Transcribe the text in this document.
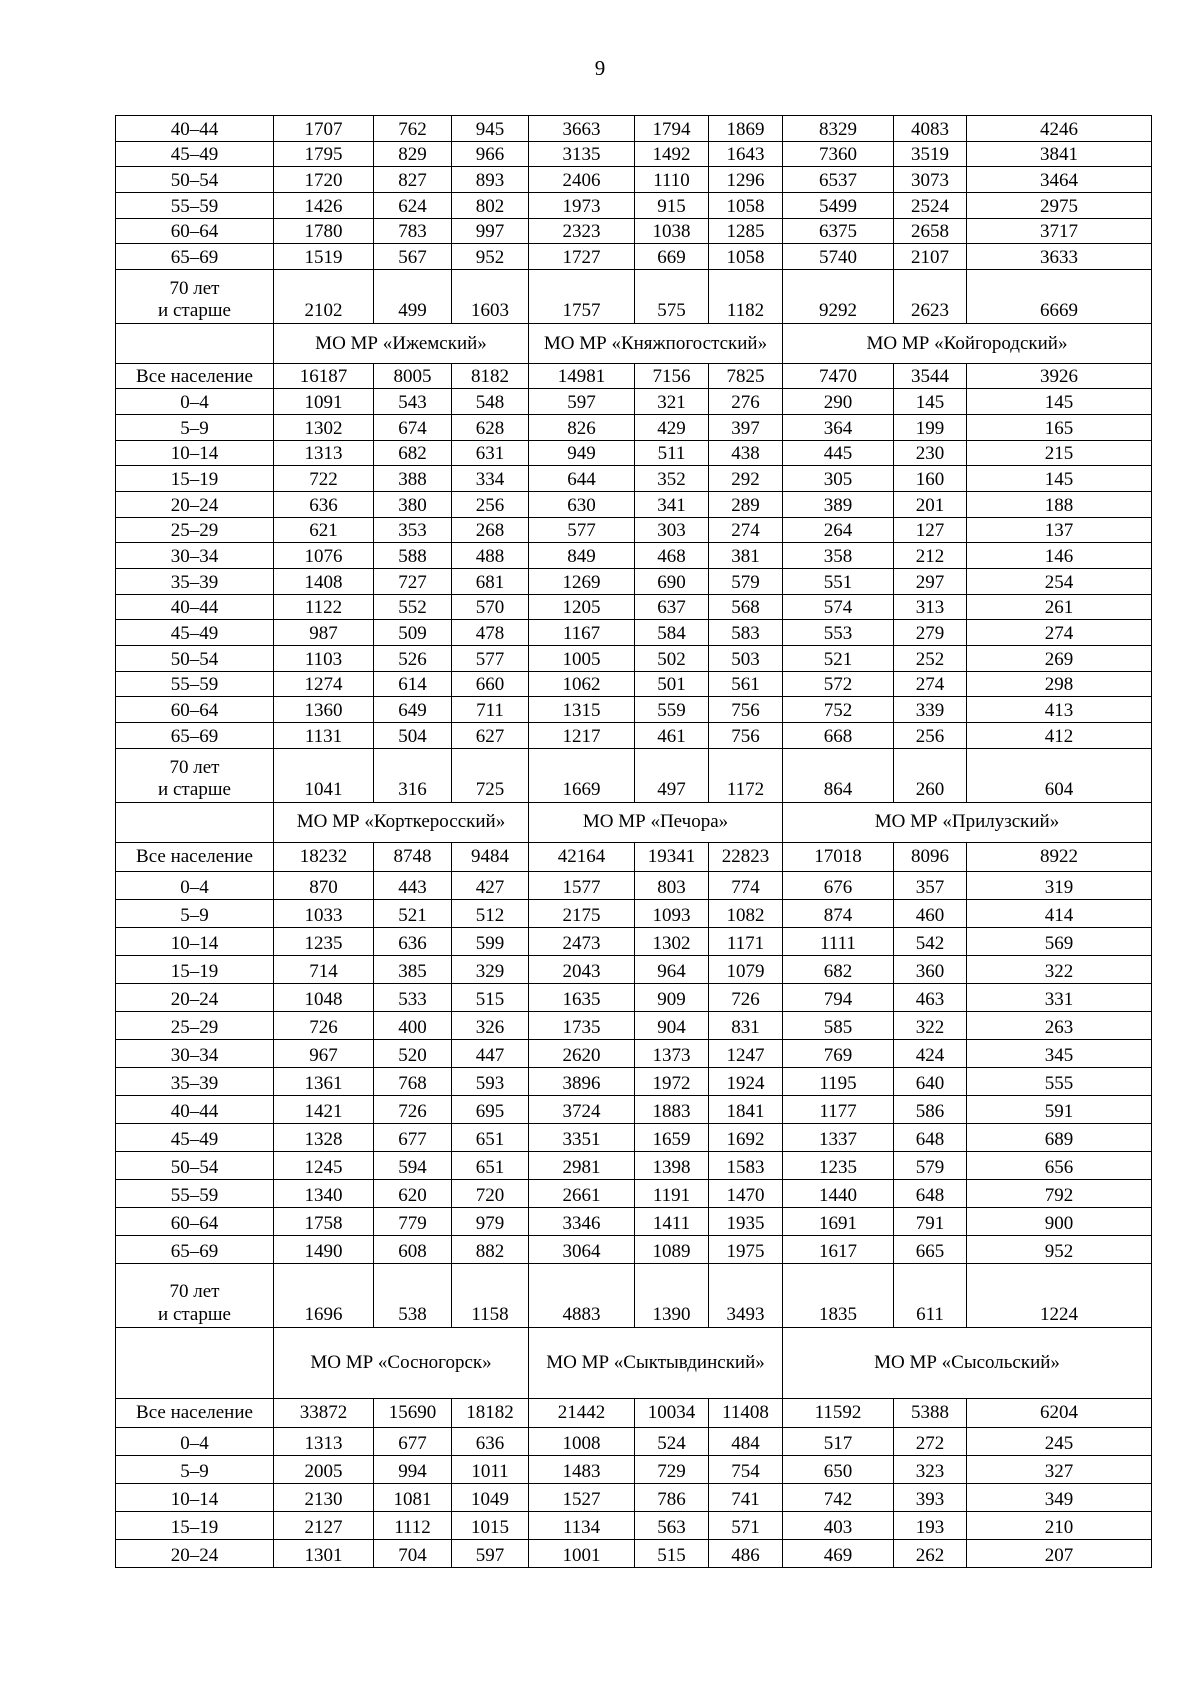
9
40–44	1707	762	945	3663	1794	1869	8329	4083	4246
45–49	1795	829	966	3135	1492	1643	7360	3519	3841
50–54	1720	827	893	2406	1110	1296	6537	3073	3464
55–59	1426	624	802	1973	915	1058	5499	2524	2975
60–64	1780	783	997	2323	1038	1285	6375	2658	3717
65–69	1519	567	952	1727	669	1058	5740	2107	3633

70 лет
и старше	2102	499	1603	1757	575	1182	9292	2623	6669
	МО МР «Ижемский»			МО МР «Княжпогостский»			МО МР «Койгородский»		
Все население	16187	8005	8182	14981	7156	7825	7470	3544	3926
0–4	1091	543	548	597	321	276	290	145	145
5–9	1302	674	628	826	429	397	364	199	165
10–14	1313	682	631	949	511	438	445	230	215
15–19	722	388	334	644	352	292	305	160	145
20–24	636	380	256	630	341	289	389	201	188
25–29	621	353	268	577	303	274	264	127	137
30–34	1076	588	488	849	468	381	358	212	146
35–39	1408	727	681	1269	690	579	551	297	254
40–44	1122	552	570	1205	637	568	574	313	261
45–49	987	509	478	1167	584	583	553	279	274
50–54	1103	526	577	1005	502	503	521	252	269
55–59	1274	614	660	1062	501	561	572	274	298
60–64	1360	649	711	1315	559	756	752	339	413
65–69	1131	504	627	1217	461	756	668	256	412

70 лет
и старше	1041	316	725	1669	497	1172	864	260	604
	МО МР «Корткеросский»			МО МР «Печора»			МО МР «Прилузский»		
Все население	18232	8748	9484	42164	19341	22823	17018	8096	8922
0–4	870	443	427	1577	803	774	676	357	319
5–9	1033	521	512	2175	1093	1082	874	460	414
10–14	1235	636	599	2473	1302	1171	1111	542	569
15–19	714	385	329	2043	964	1079	682	360	322
20–24	1048	533	515	1635	909	726	794	463	331
25–29	726	400	326	1735	904	831	585	322	263
30–34	967	520	447	2620	1373	1247	769	424	345
35–39	1361	768	593	3896	1972	1924	1195	640	555
40–44	1421	726	695	3724	1883	1841	1177	586	591
45–49	1328	677	651	3351	1659	1692	1337	648	689
50–54	1245	594	651	2981	1398	1583	1235	579	656
55–59	1340	620	720	2661	1191	1470	1440	648	792
60–64	1758	779	979	3346	1411	1935	1691	791	900
65–69	1490	608	882	3064	1089	1975	1617	665	952

70 лет
и старше	1696	538	1158	4883	1390	3493	1835	611	1224
	МО МР «Сосногорск»			МО МР «Сыктывдинский»			МО МР «Сысольский»		
Все население	33872	15690	18182	21442	10034	11408	11592	5388	6204
0–4	1313	677	636	1008	524	484	517	272	245
5–9	2005	994	1011	1483	729	754	650	323	327
10–14	2130	1081	1049	1527	786	741	742	393	349
15–19	2127	1112	1015	1134	563	571	403	193	210
20–24	1301	704	597	1001	515	486	469	262	207
